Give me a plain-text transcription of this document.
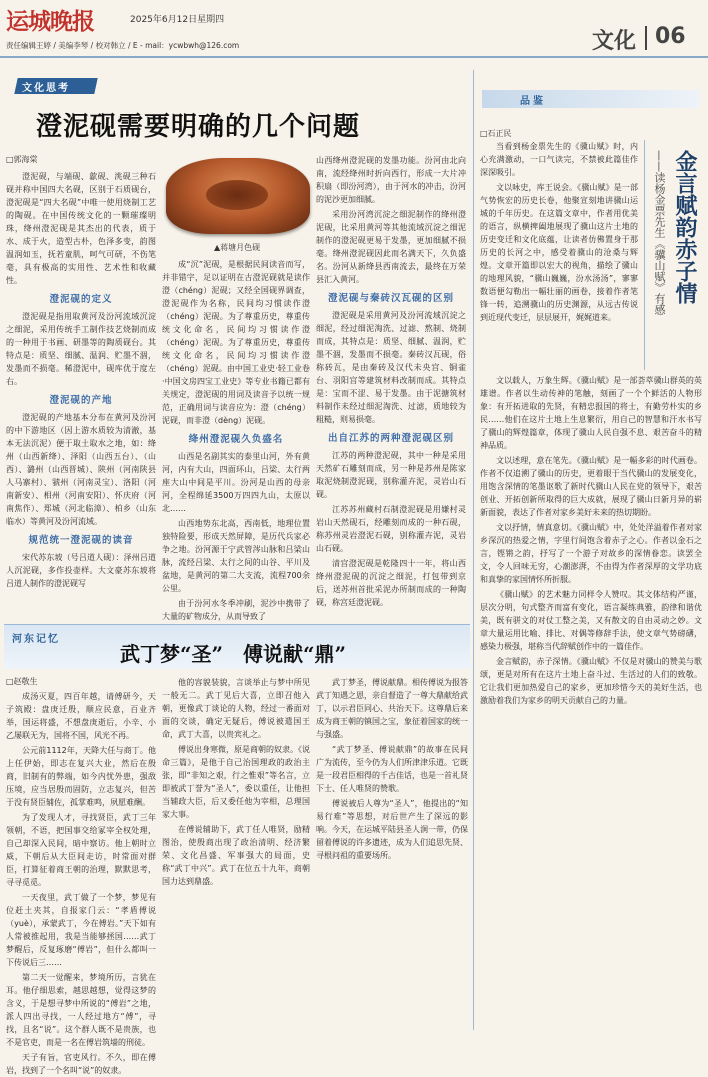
运城晚报	2025年6月12日星期四
责任编辑王婷 / 美编李琴 / 校对韩立 / E - mail：ycwbwh@126.com	文化 06
文化思考
澄泥砚需要明确的几个问题
□郭海棠
▲蒋塘月色砚

澄泥砚，与端砚、歙砚、洮砚三种石砚并称中国四大名砚，区别于石质砚台，澄泥砚是“四大名砚”中唯一使用烧制工艺的陶砚。在中国传统文化的一颗璀璨明珠，绛州澄泥砚是其杰出的代表，质于水、成于火，造型古朴，色泽多变，韵图温润如玉，抚若童肌，呵气可研，不伤笔毫，具有极高的实用性、艺术性和收藏性。

澄泥砚的定义

澄泥砚是指用取黄河及汾河流域沉淀之细泥，采用传统手工制作技艺烧制而成的一种用于书画、研墨等的陶质砚台。其特点是：质坚、细腻、温润、贮墨不涸，发墨而不损毫。稀澄泥中，砚库优于度左右。

澄泥砚的产地

澄泥砚的产地基本分布在黄河及汾河的中下游地区（因上游水质较为清澈，基本无法沉泥）便于取土取水之地，如：绛州（山西新绛）、泽阳（山西五台）、（山西）、潞州（山西晋城）、陕州（河南陕县人马寨村）、虢州（河南灵宝）、洛阳（河南新安）、相州（河南安阳）、怀庆府（河南焦作）、郑城（河北临漳）、柏乡（山东临水）等黄河及汾河流域。

规范统一澄泥砚的读音

宋代苏东坡（号吕道人砚）：泽州吕道人沉泥砚，多作投壶样。大文豪苏东坡将吕道人制作的澄泥砚写

成“沉”泥砚，是根据民间读音而写，并非错字，足以证明在古澄泥砚就是读作澄（chéng）泥砚；又经全国砚界调查，澄泥砚作为名称，民间均习惯读作澄（chéng）泥砚。为了尊重历史，尊重传统文化命名，民间均习惯读作澄（chéng）泥砚。为了尊重历史，尊重传统文化命名，民间均习惯读作澄（chéng）泥砚。由中国工业史·轻工业卷·中国文房四宝工业史》等专业书籍已都有关规定，澄泥砚的用词及读音予以统一规范，正确用词与读音应为：澄（chéng）泥砚，而非澄（dèng）泥砚。

绛州澄泥砚久负盛名

山西是名副其实的泰里山河，外有黄河，内有大山，四面环山，吕梁、太行两座大山中间是平川。汾河是山西的母亲河，全程绵延3500万四四九山，太原以北……

山西地势东北高，西南低，地理位置独特险要，形成天然屏障，是历代兵家必争之地。汾河源于宁武管涔山脉和吕梁山脉，流经吕梁、太行之间的山谷、平川及盆地，是黄河的第二大支流，流程700余公里。

由于汾河水冬季冲刷，泥沙中携带了大量的矿物成分，从而导致了

山西绛州澄泥砚的发墨功能。汾河由北向南，流经绛州时折向西行，形成一大片冲积扇（即汾河湾），由于河水的冲击，汾河的泥沙更加细腻。

采用汾河湾沉淀之细泥制作的绛州澄泥砚，比采用黄河等其他流域沉淀之细泥制作的澄泥砚更易于发墨，更加细腻不损毫。绛州澄泥砚因此而名满天下，久负盛名。汾河从新绛县西南流去，最终在万荣县汇入黄河。

澄泥砚与秦砖汉瓦砚的区别

澄泥砚是采用黄河及汾河流域沉淀之细泥，经过细泥淘洗、过滤、熬制、烧制而成，其特点是：质坚、细腻、温润，贮墨不涸，发墨而不损毫。秦砖汉瓦砚，俗称砖瓦，是由秦砖及汉代未央宫、铜雀台、羽阳宫等建筑材料改制而成。其特点是：宝而不涩、易于发墨。由于泥搪筑材料制作未经过细泥淘洗、过滤，质地较为粗糙，则易损毫。

出自江苏的两种澄泥砚区别

江苏的两种澄泥砚，其中一种是采用天然矿石雕刻而成，另一种是苏州是陈家取泥烧制澄泥砚，别称灌卉泥，灵岩山石砚。

江苏苏州藏村石制澄泥砚是用嫌村灵岩山天然砚石，经雕刻而成的一种石砚，称苏州灵岩澄泥石砚，别称灌卉泥，灵岩山石砚。

清宫澄泥砚是乾隆四十一年，将山西绛州澄泥砚的沉淀之细泥，打包带到京后，送苏州首批采泥办所制而成的一种陶砚，称宫廷澄泥砚。

品鉴
□石正民
金言赋韵赤子情
——读杨金票先生《骥山赋》有感

当看到杨金票先生的《骥山赋》时，内心充满激动，一口气读完，不禁被此篇佳作深深吸引。

文以咏史，库王说会。《骥山赋》是一部气势恢宏的历史长卷，他聚宣刻地讲骥山运城的千年历史。在这篇文章中，作者用优美的语言，纵横捭阖地展现了骥山这片土地的历史变迁和文化底蕴，让读者仿佛置身于那历史的长河之中，感受着骥山的沧桑与辉煌。文章开篇即以宏大的视角，描绘了骥山的地理风貌，“骥山巍巍，汾水汤汤”，寥寥数语便勾勒出一幅壮丽的画卷，接着作者笔锋一转，追溯骥山的历史渊源，从远古传说到近现代变迁，层层展开，娓娓道来。

文以载人，万象生辉。《骥山赋》是一部荟萃骥山群英的英雄谱。作者以生动传神的笔触，刻画了一个个鲜活的人物形象：有开拓进取的先贤，有精忠报国的将士，有勤劳朴实的乡民……他们在这片土地上生息繁衍，用自己的智慧和汗水书写了骥山的辉煌篇章，体现了骥山人民自强不息、艰苦奋斗的精神品质。

文以述理，意在笔先。《骥山赋》是一幅多彩的时代画卷。作者不仅追溯了骥山的历史，更着眼于当代骥山的发展变化，用饱含深情的笔墨讴歌了新时代骥山人民在党的领导下，艰苦创业、开拓创新所取得的巨大成就，展现了骥山日新月异的崭新面貌，表达了作者对家乡美好未来的热切期盼。

文以抒情，情真意切。《骥山赋》中，处处洋溢着作者对家乡深沉的热爱之情，字里行间饱含着赤子之心。作者以金石之言，铿锵之韵，抒写了一个游子对故乡的深情眷恋。读罢全文，令人回味无穷，心潮澎湃，不由得为作者深厚的文学功底和真挚的家国情怀所折服。

《骥山赋》的艺术魅力同样令人赞叹。其文体结构严谨，层次分明，句式整齐而富有变化，语言凝练典雅，韵律和谐优美，既有骈文的对仗工整之美，又有散文的自由灵动之妙。文章大量运用比喻、排比、对偶等修辞手法，使文章气势磅礴，感染力极强，堪称当代辞赋创作中的一篇佳作。

金言赋韵，赤子深情。《骥山赋》不仅是对骥山的赞美与歌颂，更是对所有在这片土地上奋斗过、生活过的人们的致敬。它让我们更加热爱自己的家乡，更加珍惜今天的美好生活，也激励着我们为家乡的明天贡献自己的力量。

河东记忆
武丁梦“圣”　傅说献“鼎”
□赵敬生

成汤灭夏，四百年越，请傅研今，天子筑殿：盘庚迁殷，顺应民意，百业齐举，国运将盛，不想盘庚逝后，小辛、小乙屡联无为，国将不国，风光不再。

公元前1112年，天降大任与商丁。他上任伊始，即志在复兴大业，然后在殷商，旧制有的弊端，如今内忧外患，强敌压境，应当居殷而固防，立志复兴，但苦于没有贤臣辅佐，孤掌难鸣，夙愿难酬。

为了发现人才，寻找贤臣，武丁三年领朝，不语，把国事交给冢宰全权处理，自己却深入民间，暗中察访。他上朝时立威，下朝后从大臣间走访，时常面对群臣，打算征着商王朝的治理，默默思考，寻寻觅觅。

一天夜里，武丁做了一个梦，梦见有位赶土夹其，自报家门云：“孝盾傅说（yuè），承蒙武丁，今在傅岩。”天下如有人常被推起用，我是当能够拯国……武丁梦醒后，反复琢磨“傅岩”，但什么都叫一下传说后三……

第二天一觉醒来，梦境所历，言犹在耳。他仔细思索，越思越想，觉得这梦的含义，于是想寻梦中所说的“傅岩”之地，派人四出寻找，一人经过地方“傅”，寻找，且名“说”。这个群人既不是贵族，也不是官吏，而是一名在傅岩筑墙的刑徒。

天子有旨，官吏风行。不久，即在傅岩，找到了一个名叫“说”的奴隶。

他的容貌装貌，言谈举止与梦中所见一般无二。武丁见后大喜，立即召他入朝，更像武丁谈论的人物，经过一番面对面的交谈，确定无疑后，傅说被遣国王命，武丁大喜，以贵宾礼之。

傅说出身寒微，原是商朝的奴隶。《说命三篇》，是他于自己治国理政的政治主张，即“非知之艰，行之惟艰”等名言，立即被武丁誉为“圣人”，委以重任，让他担当辅政大臣，后又委任他为宰相，总理国家大事。

在傅说辅助下，武丁任人唯贤，励精图治，使殷商出现了政治清明、经济繁荣、文化昌盛、军事强大的局面，史称“武丁中兴”。武丁在位五十九年，商朝国力达到鼎盛。

武丁梦圣，傅说献鼎。相传傅说为报答武丁知遇之恩，亲自督造了一尊大鼎献给武丁，以示君臣同心、共治天下。这尊鼎后来成为商王朝的镇国之宝，象征着国家的统一与强盛。

“武丁梦圣、傅说献鼎”的故事在民间广为流传，至今仍为人们所津津乐道。它既是一段君臣相得的千古佳话，也是一首礼贤下士、任人唯贤的赞歌。

傅说被后人尊为“圣人”，他提出的“知易行难”等思想，对后世产生了深远的影响。今天，在运城平陆县圣人涧一带，仍保留着傅说的许多遗迹，成为人们追思先贤、寻根问祖的重要场所。
